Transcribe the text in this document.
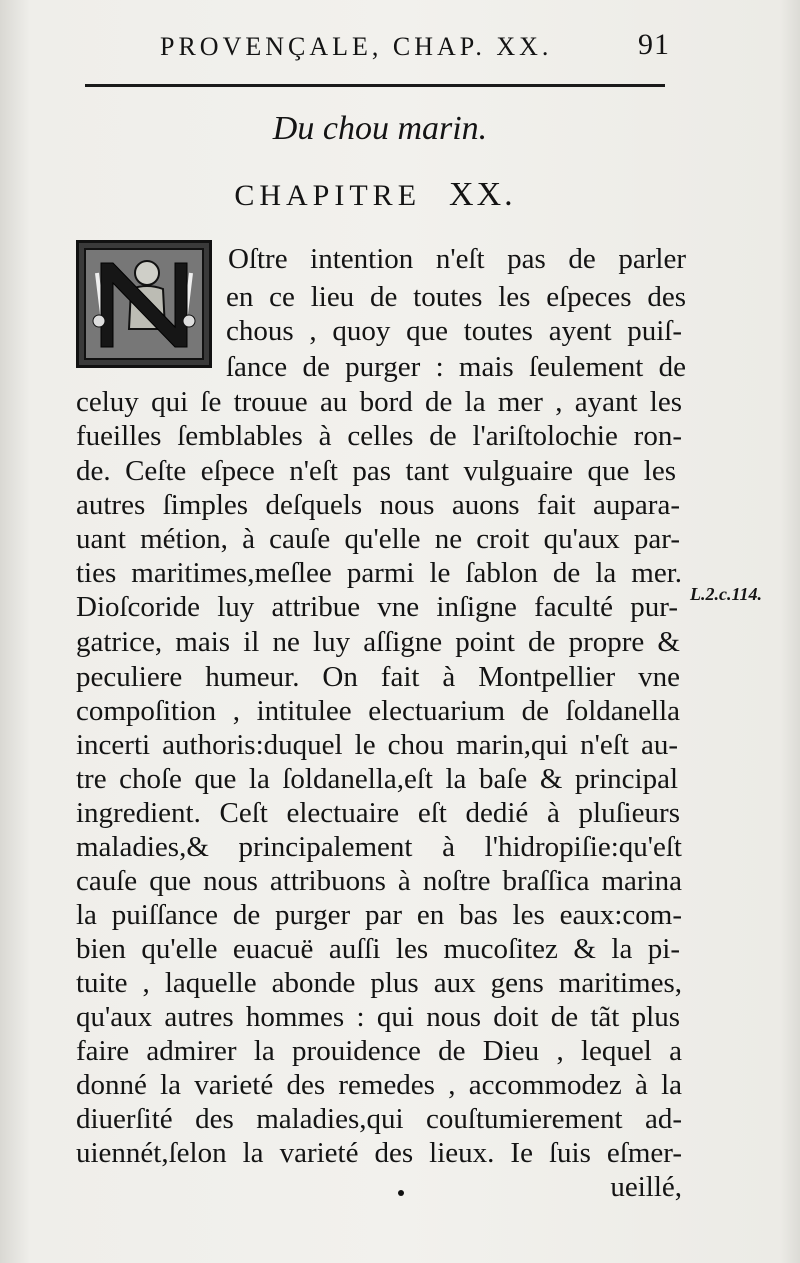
PROVENÇALE, CHAP. XX.	91
Du chou marin.
CHAPITRE XX.
Oſtre intention n'eſt pas de parler
en ce lieu de toutes les eſpeces des
chous , quoy que toutes ayent puiſ-
ſance de purger : mais ſeulement de
celuy qui ſe trouue au bord de la mer , ayant les
fueilles ſemblables à celles de l'ariſtolochie ron-
de. Ceſte eſpece n'eſt pas tant vulguaire que les
autres ſimples deſquels nous auons fait aupara-
uant métion, à cauſe qu'elle ne croit qu'aux par-
ties maritimes,meſlee parmi le ſablon de la mer.
Dioſcoride luy attribue vne inſigne faculté pur-
gatrice, mais il ne luy aſſigne point de propre &
peculiere humeur. On fait à Montpellier vne
compoſition , intitulee electuarium de ſoldanella
incerti authoris:duquel le chou marin,qui n'eſt au-
tre choſe que la ſoldanella,eſt la baſe & principal
ingredient. Ceſt electuaire eſt dedié à pluſieurs
maladies,& principalement à l'hidropiſie:qu'eſt
cauſe que nous attribuons à noſtre braſſica marina
la puiſſance de purger par en bas les eaux:com-
bien qu'elle euacuë auſſi les mucoſitez & la pi-
tuite , laquelle abonde plus aux gens maritimes,
qu'aux autres hommes : qui nous doit de tãt plus
faire admirer la prouidence de Dieu , lequel a
donné la varieté des remedes , accommodez à la
diuerſité des maladies,qui couſtumierement ad-
uiennét,ſelon la varieté des lieux. Ie ſuis eſmer-
ueillé,
L.2.c.114.
